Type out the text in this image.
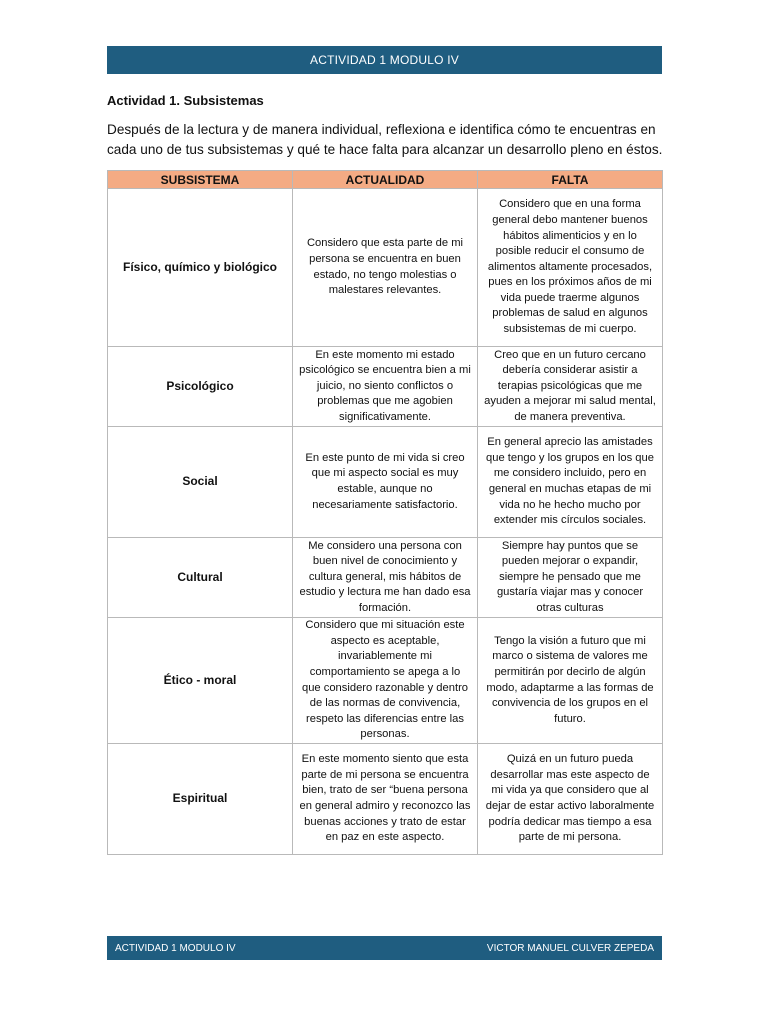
ACTIVIDAD 1 MODULO IV
Actividad 1. Subsistemas
Después de la lectura y de manera individual, reflexiona e identifica cómo te encuentras en cada uno de tus subsistemas y qué te hace falta para alcanzar un desarrollo pleno en éstos.
SUBSISTEMA	ACTUALIDAD	FALTA
Físico, químico y biológico	Considero que esta parte de mi persona se encuentra en buen estado, no tengo molestias o malestares relevantes.	Considero que en una forma general debo mantener buenos hábitos alimenticios y en lo posible reducir el consumo de alimentos altamente procesados, pues en los próximos años de mi vida puede traerme algunos problemas de salud en algunos subsistemas de mi cuerpo.
Psicológico	En este momento mi estado psicológico se encuentra bien a mi juicio, no siento conflictos o problemas que me agobien significativamente.	Creo que en un futuro cercano debería considerar asistir a terapias psicológicas que me ayuden a mejorar mi salud mental, de manera preventiva.
Social	En este punto de mi vida si creo que mi aspecto social es muy estable, aunque no necesariamente satisfactorio.	En general aprecio las amistades que tengo y los grupos en los que me considero incluido, pero en general en muchas etapas de mi vida no he hecho mucho por extender mis círculos sociales.
Cultural	Me considero una persona con buen nivel de conocimiento y cultura general, mis hábitos de estudio y lectura me han dado esa formación.	Siempre hay puntos que se pueden mejorar o expandir, siempre he pensado que me gustaría viajar mas y conocer otras culturas
Ético - moral	Considero que mi situación este aspecto es aceptable, invariablemente mi comportamiento se apega a lo que considero razonable y dentro de las normas de convivencia, respeto las diferencias entre las personas.	Tengo la visión a futuro que mi marco o sistema de valores me permitirán por decirlo de algún modo, adaptarme a las formas de convivencia de los grupos en el futuro.
Espiritual	En este momento siento que esta parte de mi persona se encuentra bien, trato de ser “buena persona en general admiro y reconozco las buenas acciones y trato de estar en paz en este aspecto.	Quizá en un futuro pueda desarrollar mas este aspecto de mi vida ya que considero que al dejar de estar activo laboralmente podría dedicar mas tiempo a esa parte de mi persona.
ACTIVIDAD 1 MODULO IV	VICTOR MANUEL CULVER ZEPEDA
